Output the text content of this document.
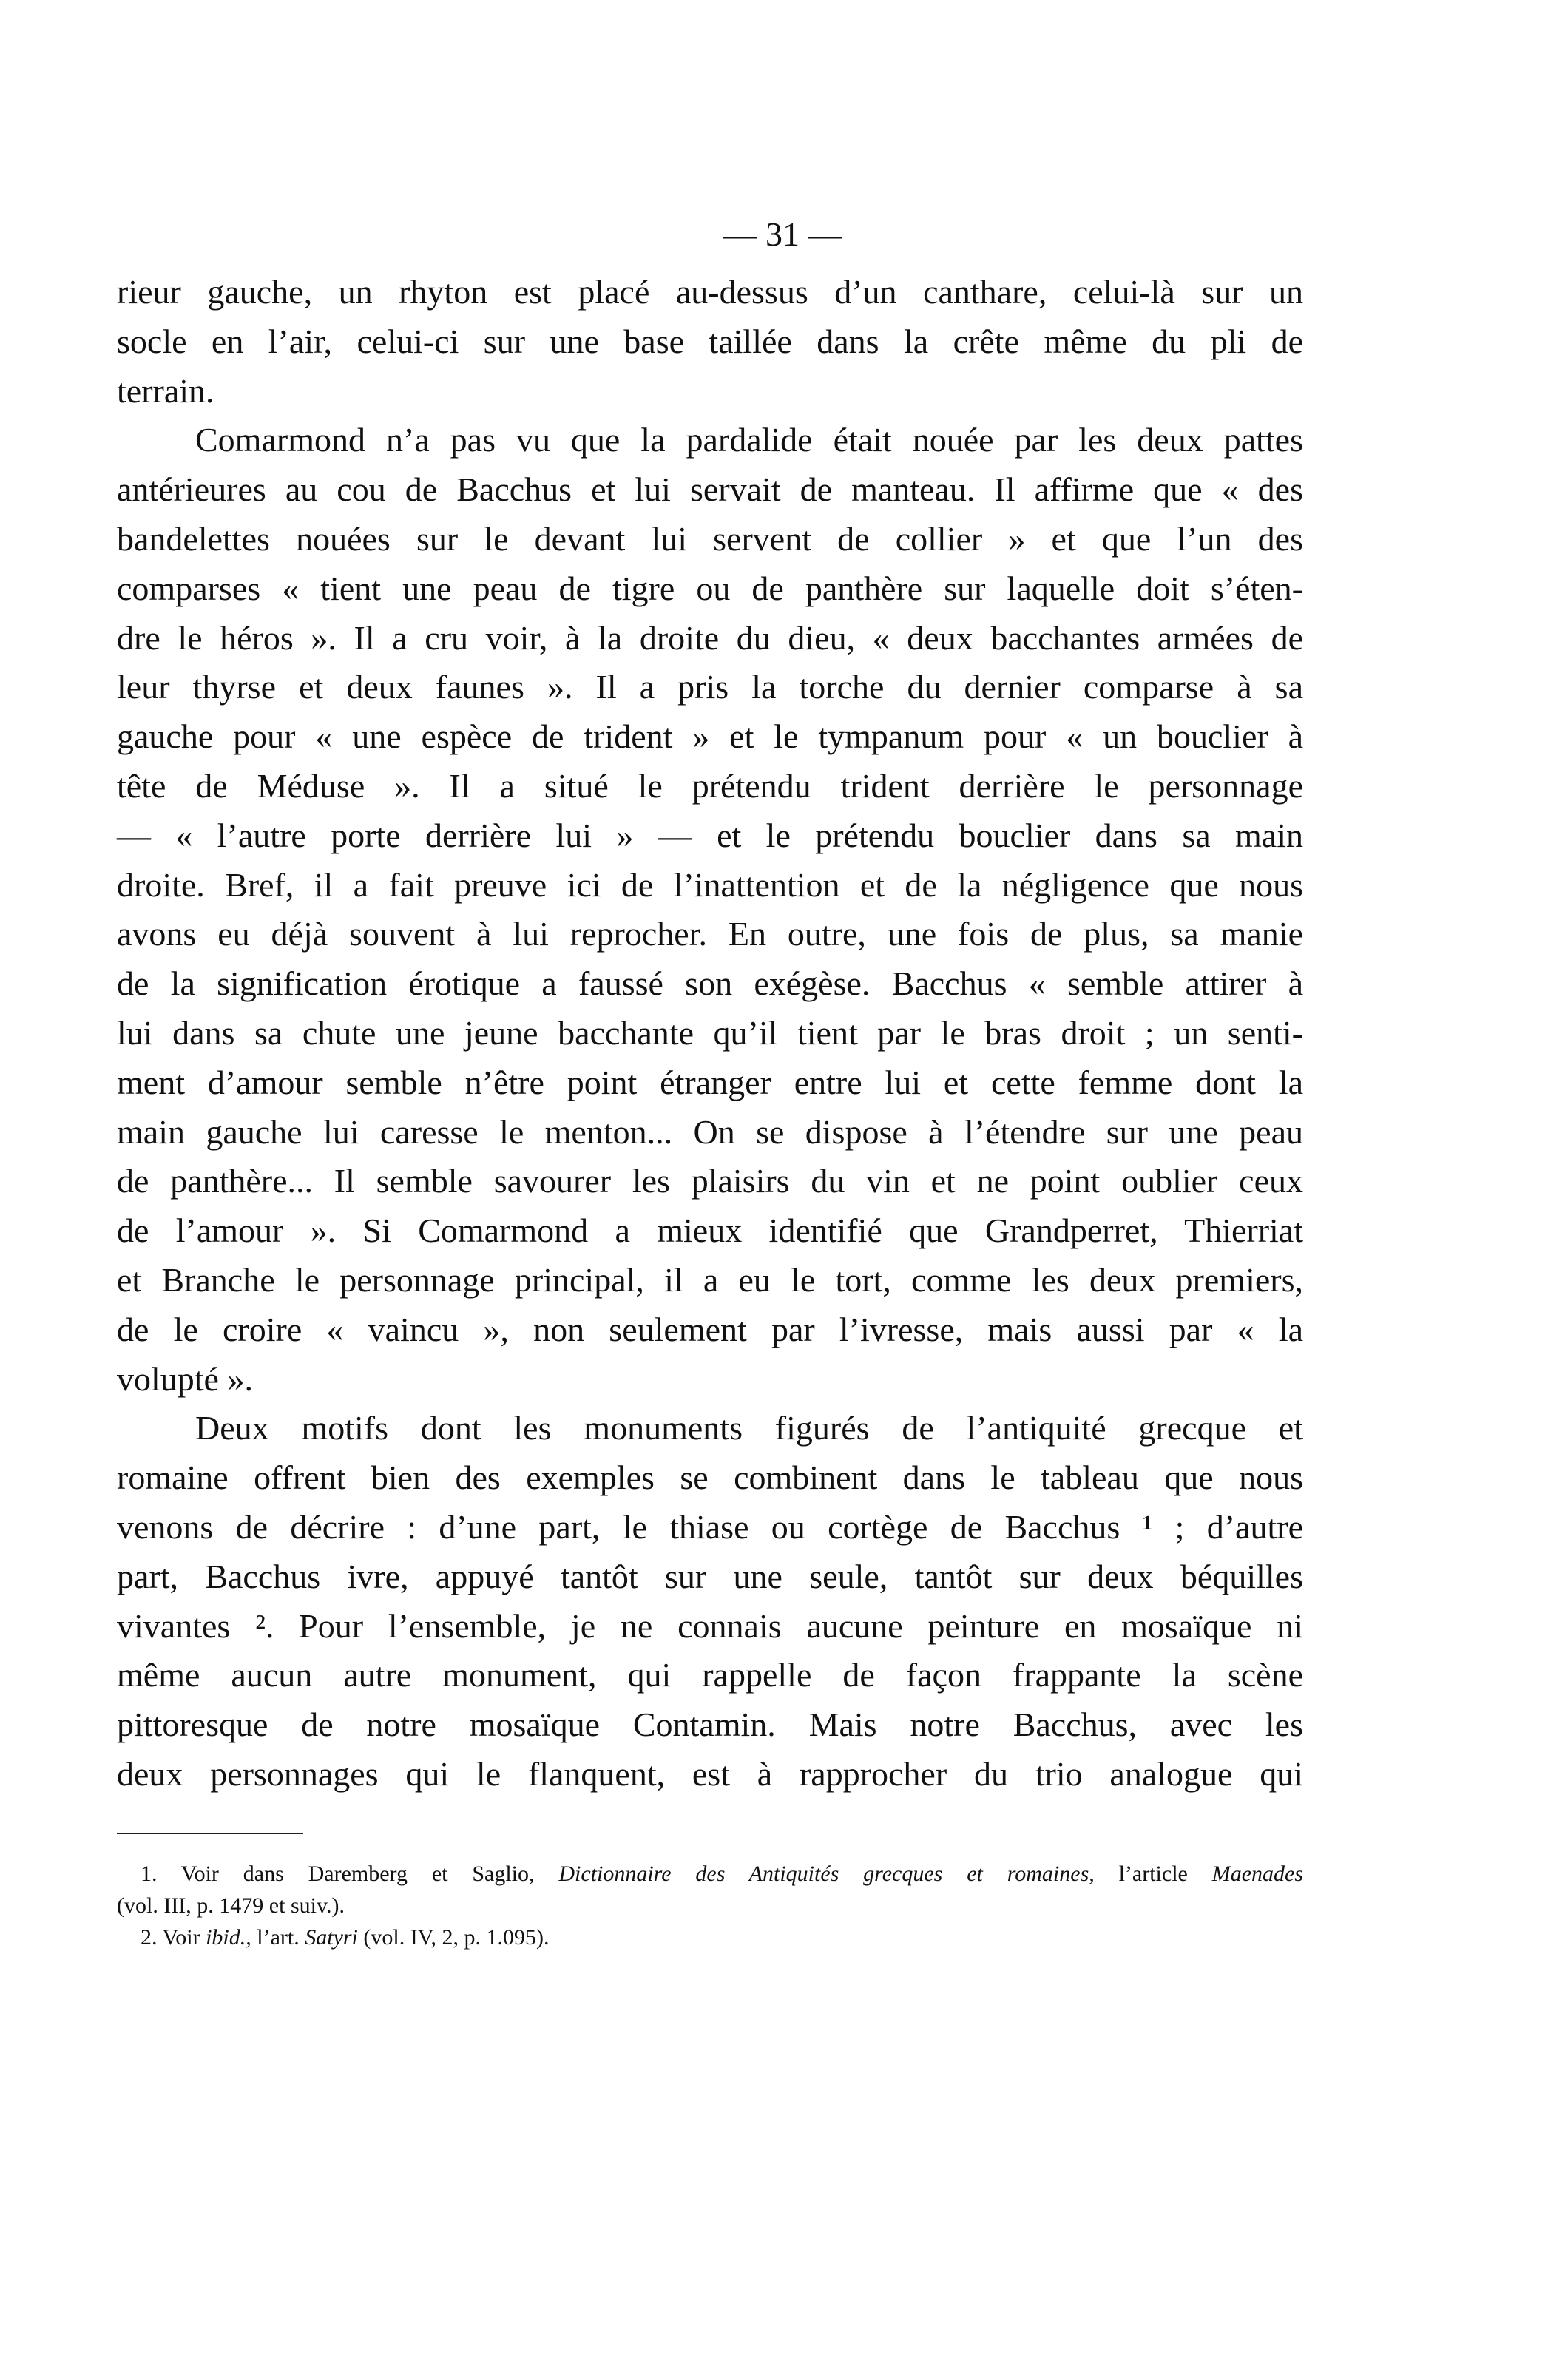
— 31 —
rieur gauche, un rhyton est placé au-dessus d’un canthare, celui-là sur un
socle en l’air, celui-ci sur une base taillée dans la crête même du pli de
terrain.
Comarmond n’a pas vu que la pardalide était nouée par les deux pattes
antérieures au cou de Bacchus et lui servait de manteau. Il affirme que « des
bandelettes nouées sur le devant lui servent de collier » et que l’un des
comparses « tient une peau de tigre ou de panthère sur laquelle doit s’éten-
dre le héros ». Il a cru voir, à la droite du dieu, « deux bacchantes armées de
leur thyrse et deux faunes ». Il a pris la torche du dernier comparse à sa
gauche pour « une espèce de trident » et le tympanum pour « un bouclier à
tête de Méduse ». Il a situé le prétendu trident derrière le personnage
— « l’autre porte derrière lui » — et le prétendu bouclier dans sa main
droite. Bref, il a fait preuve ici de l’inattention et de la négligence que nous
avons eu déjà souvent à lui reprocher. En outre, une fois de plus, sa manie
de la signification érotique a faussé son exégèse. Bacchus « semble attirer à
lui dans sa chute une jeune bacchante qu’il tient par le bras droit ; un senti-
ment d’amour semble n’être point étranger entre lui et cette femme dont la
main gauche lui caresse le menton... On se dispose à l’étendre sur une peau
de panthère... Il semble savourer les plaisirs du vin et ne point oublier ceux
de l’amour ». Si Comarmond a mieux identifié que Grandperret, Thierriat
et Branche le personnage principal, il a eu le tort, comme les deux premiers,
de le croire « vaincu », non seulement par l’ivresse, mais aussi par « la
volupté ».
Deux motifs dont les monuments figurés de l’antiquité grecque et
romaine offrent bien des exemples se combinent dans le tableau que nous
venons de décrire : d’une part, le thiase ou cortège de Bacchus ¹ ; d’autre
part, Bacchus ivre, appuyé tantôt sur une seule, tantôt sur deux béquilles
vivantes ². Pour l’ensemble, je ne connais aucune peinture en mosaïque ni
même aucun autre monument, qui rappelle de façon frappante la scène
pittoresque de notre mosaïque Contamin. Mais notre Bacchus, avec les
deux personnages qui le flanquent, est à rapprocher du trio analogue qui
1. Voir dans Daremberg et Saglio, Dictionnaire des Antiquités grecques et romaines, l’article Maenades
(vol. III, p. 1479 et suiv.).
2. Voir ibid., l’art. Satyri (vol. IV, 2, p. 1.095).
